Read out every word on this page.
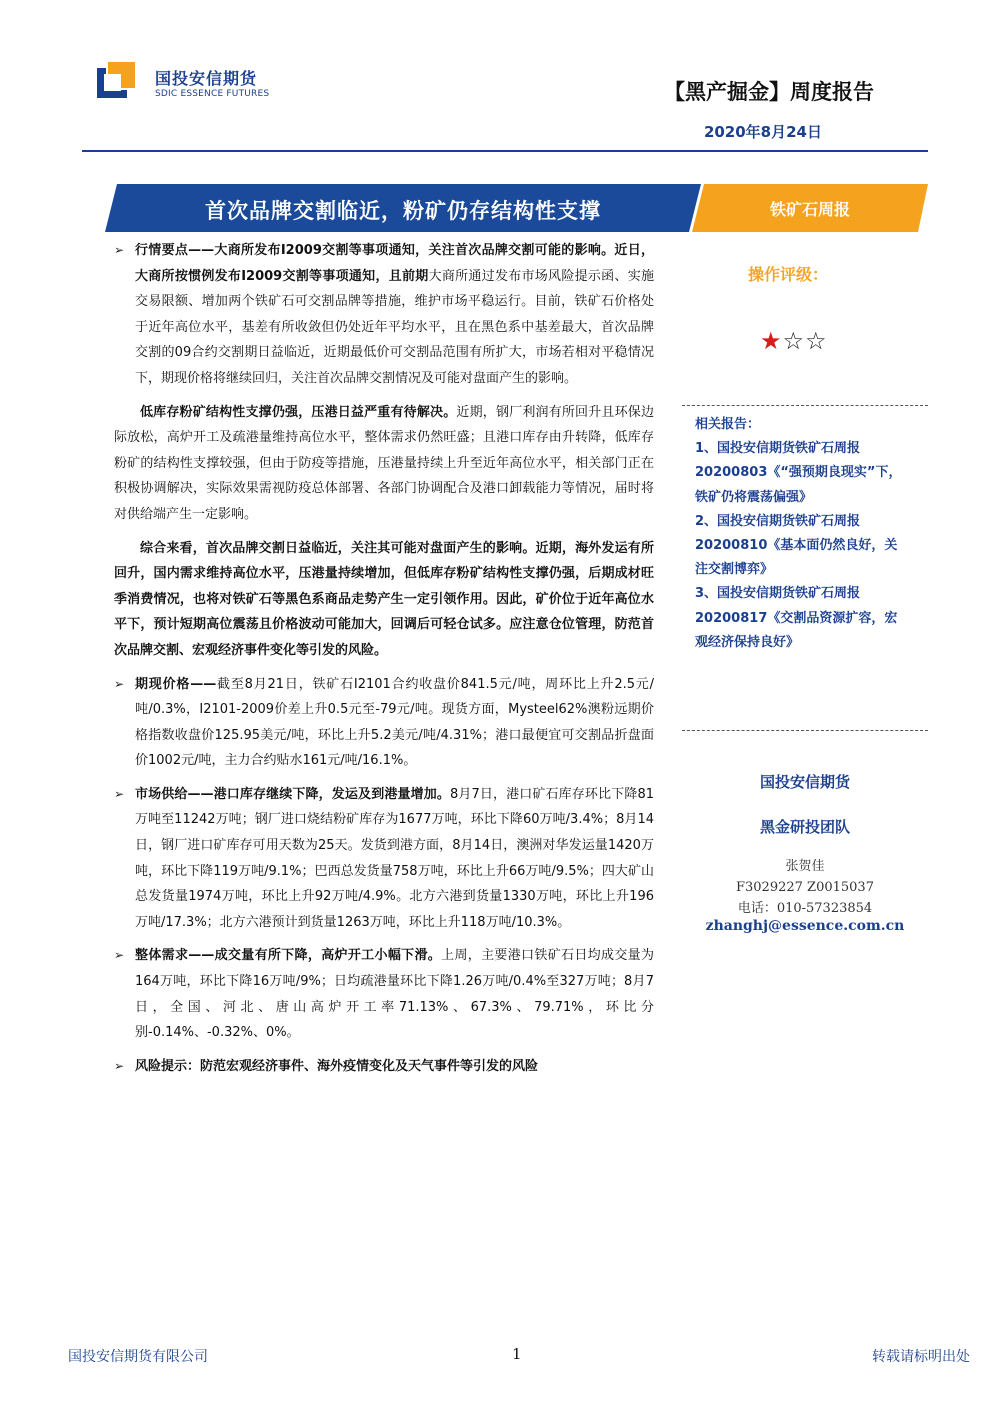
国投安信期货
SDIC ESSENCE FUTURES	【黑产掘金】周度报告
2020年8月24日
首次品牌交割临近，粉矿仍存结构性支撑	铁矿石周报

➢ 行情要点——大商所发布I2009交割等事项通知，关注首次品牌交割可能的影响。近日，大商所按惯例发布I2009交割等事项通知，且前期大商所通过发布市场风险提示函、实施交易限额、增加两个铁矿石可交割品牌等措施，维护市场平稳运行。目前，铁矿石价格处于近年高位水平，基差有所收敛但仍处近年平均水平，且在黑色系中基差最大，首次品牌交割的09合约交割期日益临近，近期最低价可交割品范围有所扩大，市场若相对平稳情况下，期现价格将继续回归，关注首次品牌交割情况及可能对盘面产生的影响。

低库存粉矿结构性支撑仍强，压港日益严重有待解决。近期，钢厂利润有所回升且环保边际放松，高炉开工及疏港量维持高位水平，整体需求仍然旺盛；且港口库存由升转降，低库存粉矿的结构性支撑较强，但由于防疫等措施，压港量持续上升至近年高位水平，相关部门正在积极协调解决，实际效果需视防疫总体部署、各部门协调配合及港口卸载能力等情况，届时将对供给端产生一定影响。

综合来看，首次品牌交割日益临近，关注其可能对盘面产生的影响。近期，海外发运有所回升，国内需求维持高位水平，压港量持续增加，但低库存粉矿结构性支撑仍强，后期成材旺季消费情况，也将对铁矿石等黑色系商品走势产生一定引领作用。因此，矿价位于近年高位水平下，预计短期高位震荡且价格波动可能加大，回调后可轻仓试多。应注意仓位管理，防范首次品牌交割、宏观经济事件变化等引发的风险。

➢ 期现价格——截至8月21日，铁矿石I2101合约收盘价841.5元/吨，周环比上升2.5元/吨/0.3%，I2101-2009价差上升0.5元至-79元/吨。现货方面，Mysteel62%澳粉远期价格指数收盘价125.95美元/吨，环比上升5.2美元/吨/4.31%；港口最便宜可交割品折盘面价1002元/吨，主力合约贴水161元/吨/16.1%。

➢ 市场供给——港口库存继续下降，发运及到港量增加。8月7日，港口矿石库存环比下降81万吨至11242万吨；钢厂进口烧结粉矿库存为1677万吨，环比下降60万吨/3.4%；8月14日，钢厂进口矿库存可用天数为25天。发货到港方面，8月14日，澳洲对华发运量1420万吨，环比下降119万吨/9.1%；巴西总发货量758万吨，环比上升66万吨/9.5%；四大矿山总发货量1974万吨，环比上升92万吨/4.9%。北方六港到货量1330万吨，环比上升196万吨/17.3%；北方六港预计到货量1263万吨，环比上升118万吨/10.3%。

➢ 整体需求——成交量有所下降，高炉开工小幅下滑。上周，主要港口铁矿石日均成交量为164万吨，环比下降16万吨/9%；日均疏港量环比下降1.26万吨/0.4%至327万吨；8月7日，全国、河北、唐山高炉开工率71.13%、67.3%、79.71%，环比分别-0.14%、-0.32%、0%。

➢ 风险提示：防范宏观经济事件、海外疫情变化及天气事件等引发的风险

操作评级：
★☆☆
相关报告：
1、国投安信期货铁矿石周报
20200803《“强预期良现实”下，
铁矿仍将震荡偏强》
2、国投安信期货铁矿石周报
20200810《基本面仍然良好，关
注交割博弈》
3、国投安信期货铁矿石周报
20200817《交割品资源扩容，宏
观经济保持良好》
国投安信期货
黑金研投团队
张贺佳
F3029227 Z0015037
电话：010-57323854
zhanghj@essence.com.cn
国投安信期货有限公司	1	转载请标明出处
